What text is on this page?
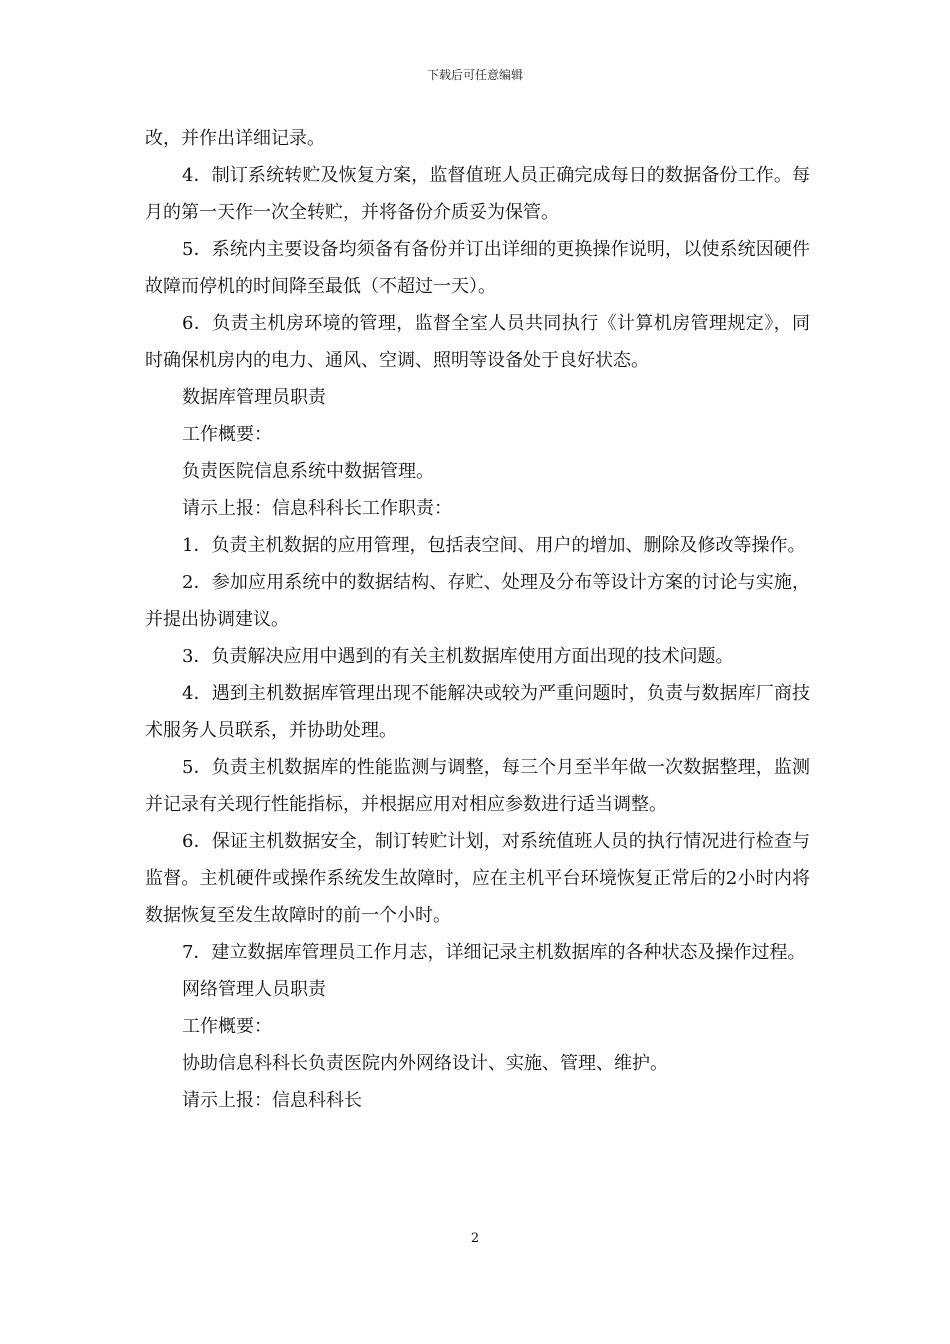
下载后可任意编辑

改，并作出详细记录。

4．制订系统转贮及恢复方案，监督值班人员正确完成每日的数据备份工作。每月的第一天作一次全转贮，并将备份介质妥为保管。

5．系统内主要设备均须备有备份并订出详细的更换操作说明，以使系统因硬件故障而停机的时间降至最低（不超过一天）。

6．负责主机房环境的管理，监督全室人员共同执行《计算机房管理规定》，同时确保机房内的电力、通风、空调、照明等设备处于良好状态。

数据库管理员职责

工作概要：

负责医院信息系统中数据管理。

请示上报：信息科科长工作职责：

1．负责主机数据的应用管理，包括表空间、用户的增加、删除及修改等操作。

2．参加应用系统中的数据结构、存贮、处理及分布等设计方案的讨论与实施，并提出协调建议。

3．负责解决应用中遇到的有关主机数据库使用方面出现的技术问题。

4．遇到主机数据库管理出现不能解决或较为严重问题时，负责与数据库厂商技术服务人员联系，并协助处理。

5．负责主机数据库的性能监测与调整，每三个月至半年做一次数据整理，监测并记录有关现行性能指标，并根据应用对相应参数进行适当调整。

6．保证主机数据安全，制订转贮计划，对系统值班人员的执行情况进行检查与监督。主机硬件或操作系统发生故障时，应在主机平台环境恢复正常后的2小时内将数据恢复至发生故障时的前一个小时。

7．建立数据库管理员工作月志，详细记录主机数据库的各种状态及操作过程。

网络管理人员职责

工作概要：

协助信息科科长负责医院内外网络设计、实施、管理、维护。

请示上报：信息科科长

2
